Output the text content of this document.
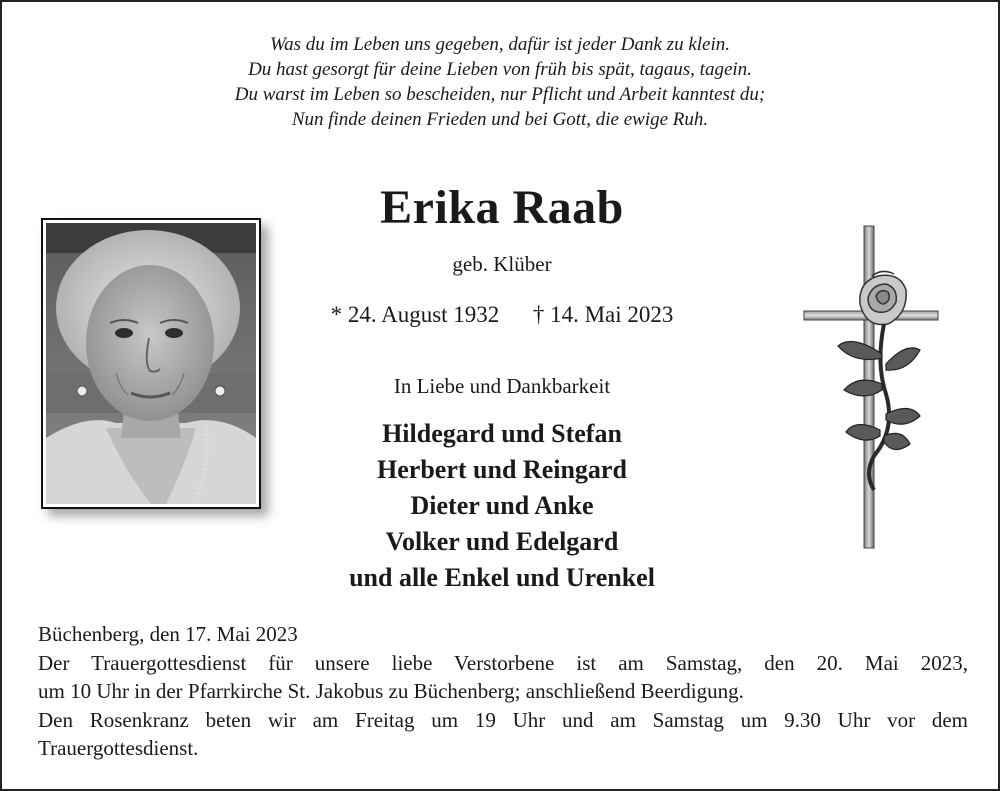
Was du im Leben uns gegeben, dafür ist jeder Dank zu klein.
Du hast gesorgt für deine Lieben von früh bis spät, tagaus, tagein.
Du warst im Leben so bescheiden, nur Pflicht und Arbeit kanntest du;
Nun finde deinen Frieden und bei Gott, die ewige Ruh.
Erika Raab
geb. Klüber
* 24. August 1932 † 14. Mai 2023
In Liebe und Dankbarkeit
Hildegard und Stefan
Herbert und Reingard
Dieter und Anke
Volker und Edelgard
und alle Enkel und Urenkel
Büchenberg, den 17. Mai 2023
Der Trauergottesdienst für unsere liebe Verstorbene ist am Samstag, den 20. Mai 2023,
um 10 Uhr in der Pfarrkirche St. Jakobus zu Büchenberg; anschließend Beerdigung.
Den Rosenkranz beten wir am Freitag um 19 Uhr und am Samstag um 9.30 Uhr vor dem
Trauergottesdienst.
